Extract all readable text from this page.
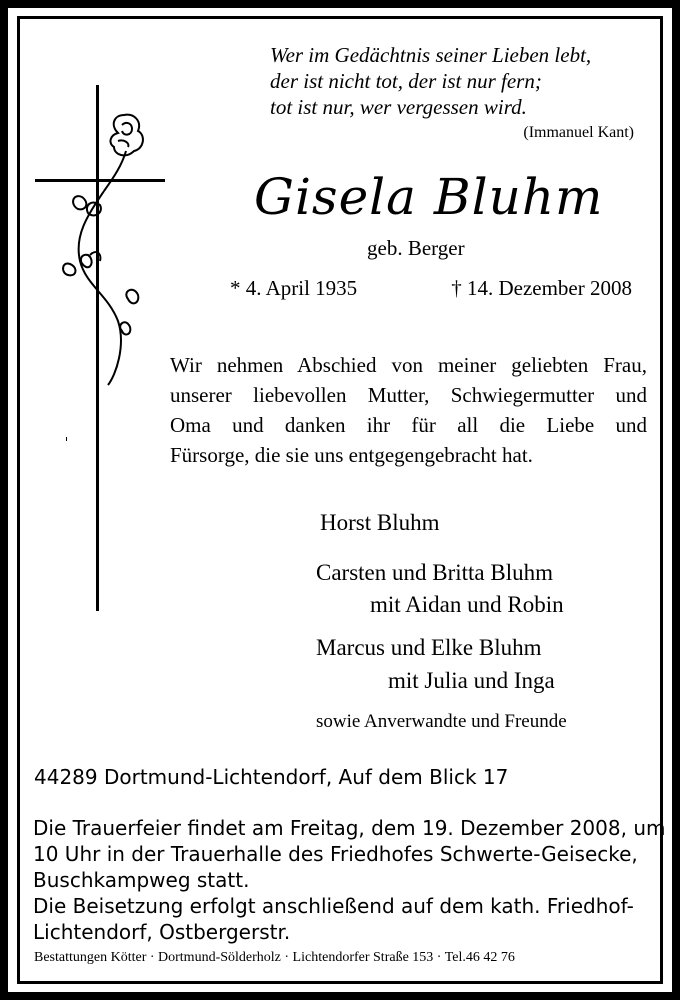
Wer im Gedächtnis seiner Lieben lebt,
der ist nicht tot, der ist nur fern;
tot ist nur, wer vergessen wird.
(Immanuel Kant)
Gisela Bluhm
geb. Berger
* 4. April 1935	† 14. Dezember 2008
Wir nehmen Abschied von meiner geliebten Frau,
unserer liebevollen Mutter, Schwiegermutter und
Oma und danken ihr für all die Liebe und
Fürsorge, die sie uns entgegengebracht hat.
Horst Bluhm
Carsten und Britta Bluhm
mit Aidan und Robin
Marcus und Elke Bluhm
mit Julia und Inga
sowie Anverwandte und Freunde
44289 Dortmund-Lichtendorf, Auf dem Blick 17
Die Trauerfeier findet am Freitag, dem 19. Dezember 2008, um
10 Uhr in der Trauerhalle des Friedhofes Schwerte-Geisecke,
Buschkampweg statt.
Die Beisetzung erfolgt anschließend auf dem kath. Friedhof-
Lichtendorf, Ostbergerstr.
Bestattungen Kötter · Dortmund-Sölderholz · Lichtendorfer Straße 153 · Tel.46 42 76
